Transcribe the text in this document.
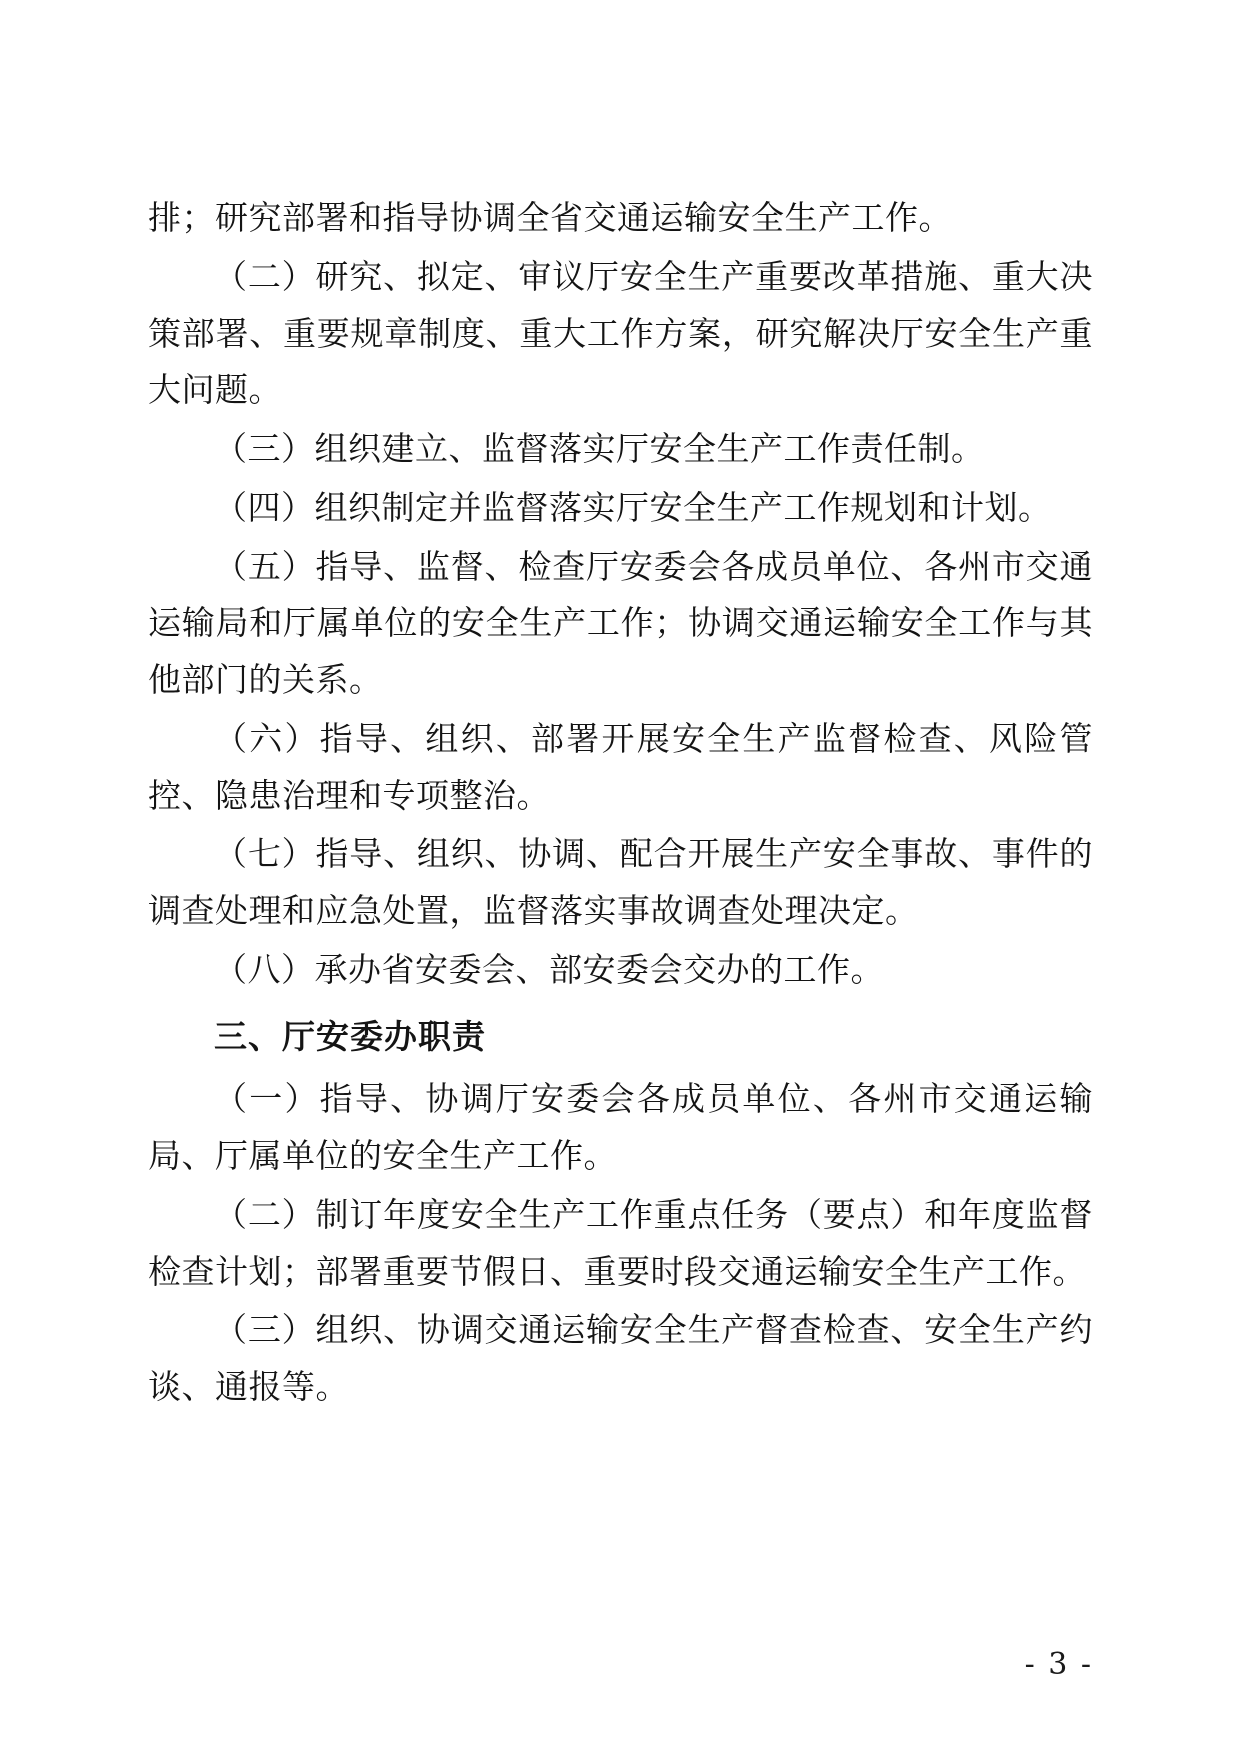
排；研究部署和指导协调全省交通运输安全生产工作。

（二）研究、拟定、审议厅安全生产重要改革措施、重大决策部署、重要规章制度、重大工作方案，研究解决厅安全生产重大问题。

（三）组织建立、监督落实厅安全生产工作责任制。

（四）组织制定并监督落实厅安全生产工作规划和计划。

（五）指导、监督、检查厅安委会各成员单位、各州市交通运输局和厅属单位的安全生产工作；协调交通运输安全工作与其他部门的关系。

（六）指导、组织、部署开展安全生产监督检查、风险管控、隐患治理和专项整治。

（七）指导、组织、协调、配合开展生产安全事故、事件的调查处理和应急处置，监督落实事故调查处理决定。

（八）承办省安委会、部安委会交办的工作。

三、厅安委办职责

（一）指导、协调厅安委会各成员单位、各州市交通运输局、厅属单位的安全生产工作。

（二）制订年度安全生产工作重点任务（要点）和年度监督检查计划；部署重要节假日、重要时段交通运输安全生产工作。

（三）组织、协调交通运输安全生产督查检查、安全生产约谈、通报等。

- 3 -
